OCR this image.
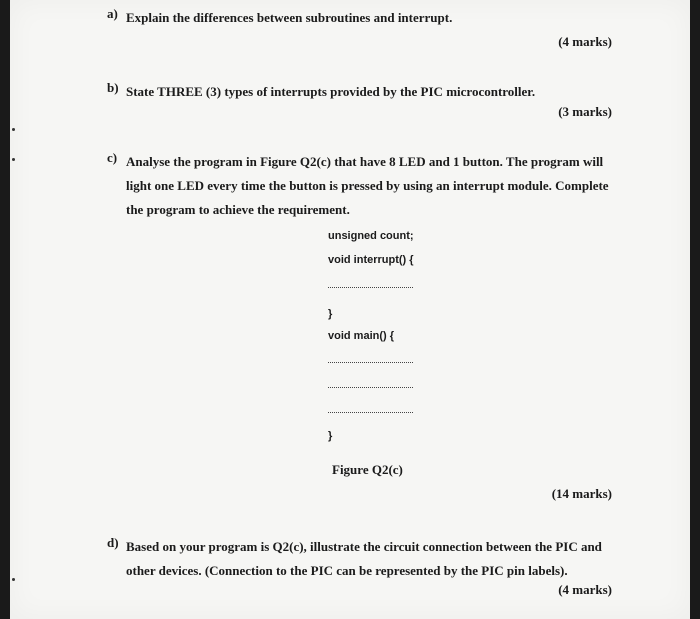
a) Explain the differences between subroutines and interrupt.
(4 marks)
b) State THREE (3) types of interrupts provided by the PIC microcontroller.
(3 marks)
c) Analyse the program in Figure Q2(c) that have 8 LED and 1 button. The program will
light one LED every time the button is pressed by using an interrupt module. Complete
the program to achieve the requirement.
unsigned count;
void interrupt() {
}
void main() {
}
Figure Q2(c)
(14 marks)
d) Based on your program is Q2(c), illustrate the circuit connection between the PIC and
other devices. (Connection to the PIC can be represented by the PIC pin labels).
(4 marks)
